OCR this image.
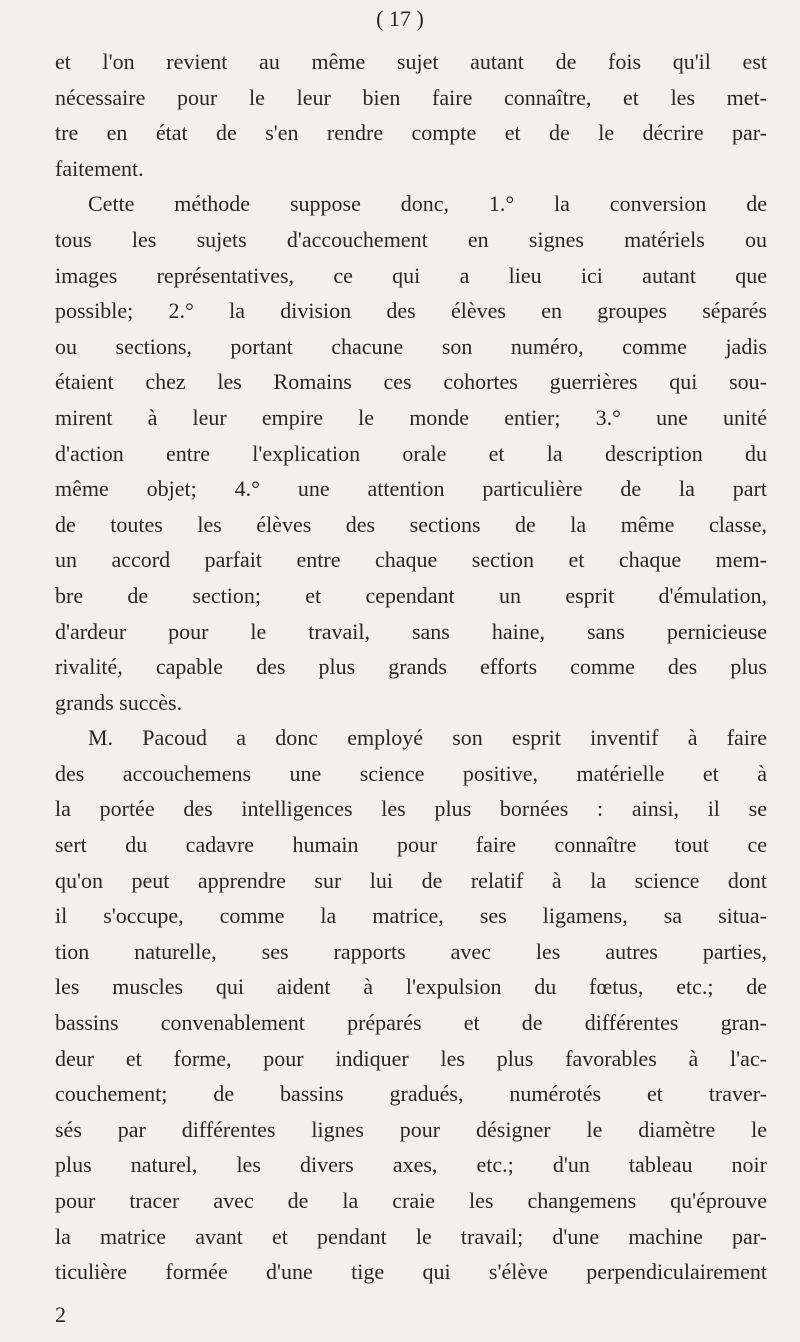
( 17 )
et l'on revient au même sujet autant de fois qu'il est
nécessaire pour le leur bien faire connaître, et les met-
tre en état de s'en rendre compte et de le décrire par-
faitement.
Cette méthode suppose donc, 1.° la conversion de
tous les sujets d'accouchement en signes matériels ou
images représentatives, ce qui a lieu ici autant que
possible; 2.° la division des élèves en groupes séparés
ou sections, portant chacune son numéro, comme jadis
étaient chez les Romains ces cohortes guerrières qui sou-
mirent à leur empire le monde entier; 3.° une unité
d'action entre l'explication orale et la description du
même objet; 4.° une attention particulière de la part
de toutes les élèves des sections de la même classe,
un accord parfait entre chaque section et chaque mem-
bre de section; et cependant un esprit d'émulation,
d'ardeur pour le travail, sans haine, sans pernicieuse
rivalité, capable des plus grands efforts comme des plus
grands succès.
M. Pacoud a donc employé son esprit inventif à faire
des accouchemens une science positive, matérielle et à
la portée des intelligences les plus bornées : ainsi, il se
sert du cadavre humain pour faire connaître tout ce
qu'on peut apprendre sur lui de relatif à la science dont
il s'occupe, comme la matrice, ses ligamens, sa situa-
tion naturelle, ses rapports avec les autres parties,
les muscles qui aident à l'expulsion du fœtus, etc.; de
bassins convenablement préparés et de différentes gran-
deur et forme, pour indiquer les plus favorables à l'ac-
couchement; de bassins gradués, numérotés et traver-
sés par différentes lignes pour désigner le diamètre le
plus naturel, les divers axes, etc.; d'un tableau noir
pour tracer avec de la craie les changemens qu'éprouve
la matrice avant et pendant le travail; d'une machine par-
ticulière formée d'une tige qui s'élève perpendiculairement
2
